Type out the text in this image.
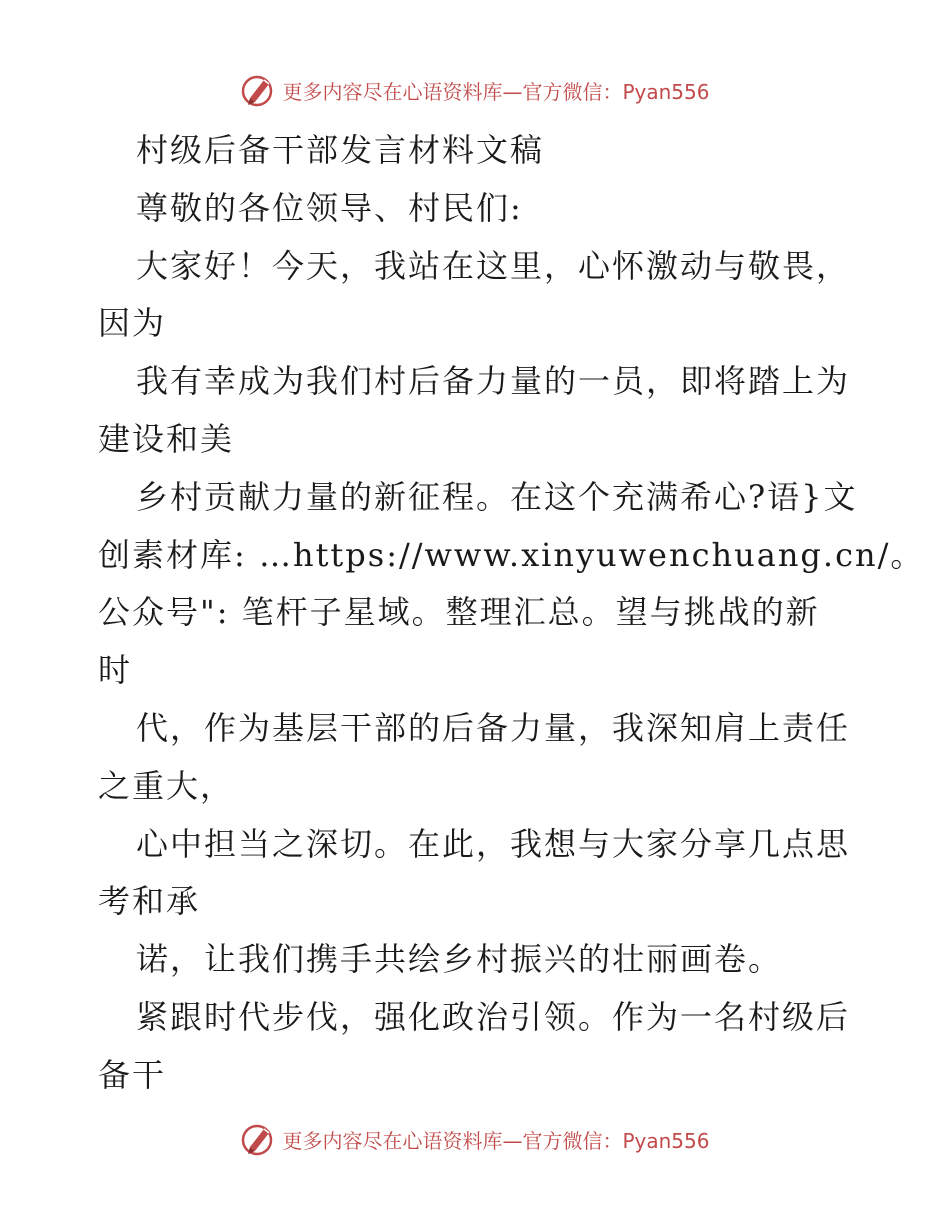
更多内容尽在心语资料库—官方微信：Pyan556
村级后备干部发言材料文稿
尊敬的各位领导、村民们:
大家好！今天，我站在这里，心怀激动与敬畏，
因为
我有幸成为我们村后备力量的一员，即将踏上为
建设和美
乡村贡献力量的新征程。在这个充满希心?语}文
创素材库: …https://www.xinyuwenchuang.cn/。
公众号": 笔杆子星域。整理汇总。望与挑战的新
时
代，作为基层干部的后备力量，我深知肩上责任
之重大，
心中担当之深切。在此，我想与大家分享几点思
考和承
诺，让我们携手共绘乡村振兴的壮丽画卷。
紧跟时代步伐，强化政治引领。作为一名村级后
备干
更多内容尽在心语资料库—官方微信：Pyan556
